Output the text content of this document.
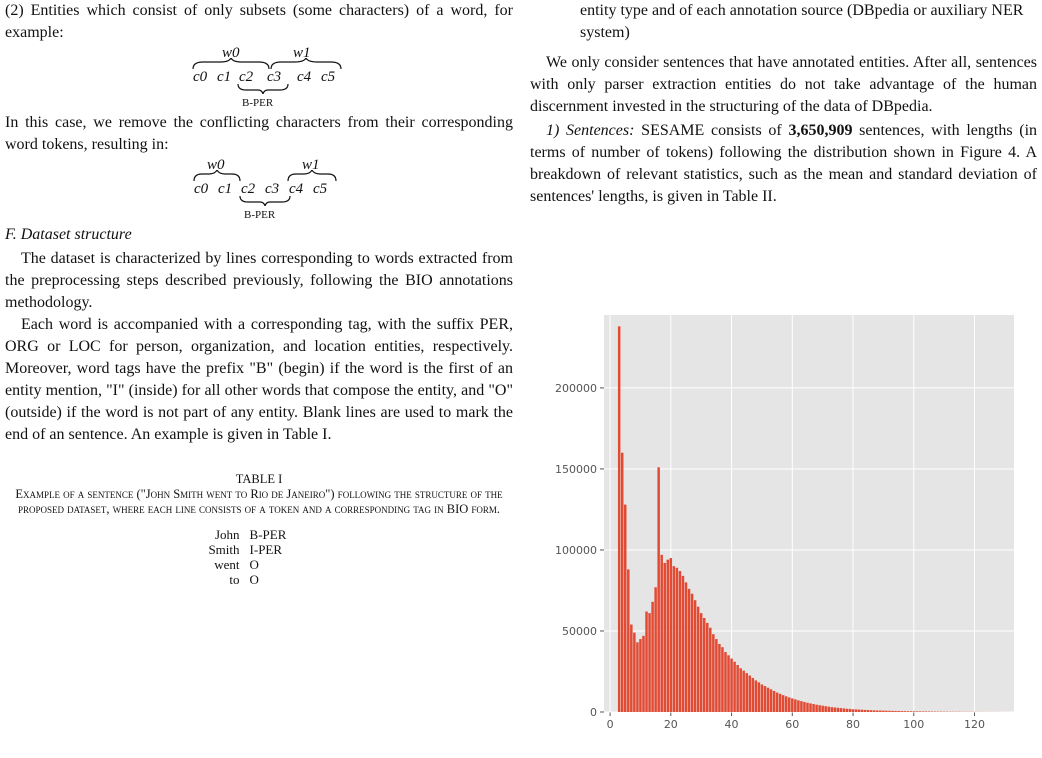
(2) Entities which consist of only subsets (some characters) of a word, for example:

w0	w1
c0 c1 c2 c3 c4 c5
B-PER

In this case, we remove the conflicting characters from their corresponding word tokens, resulting in:

w0	w1
c0 c1 c2 c3 c4 c5
B-PER

F. Dataset structure

The dataset is characterized by lines corresponding to words extracted from the preprocessing steps described previously, following the BIO annotations methodology.

Each word is accompanied with a corresponding tag, with the suffix PER, ORG or LOC for person, organization, and location entities, respectively. Moreover, word tags have the prefix "B" (begin) if the word is the first of an entity mention, "I" (inside) for all other words that compose the entity, and "O" (outside) if the word is not part of any entity. Blank lines are used to mark the end of an sentence. An example is given in Table I.

TABLE I
Example of a sentence ("John Smith went to Rio de Janeiro") following the structure of the proposed dataset, where each line consists of a token and a corresponding tag in BIO form.
John	B-PER
Smith	I-PER
went	O
to	O

entity type and of each annotation source (DBpedia or auxiliary NER system)

We only consider sentences that have annotated entities. After all, sentences with only parser extraction entities do not take advantage of the human discernment invested in the structuring of the data of DBpedia.

1) Sentences: SESAME consists of 3,650,909 sentences, with lengths (in terms of number of tokens) following the distribution shown in Figure 4. A breakdown of relevant statistics, such as the mean and standard deviation of sentences' lengths, is given in Table II.

0	20	40	60	80	100	120
0
50000
100000
150000
200000
